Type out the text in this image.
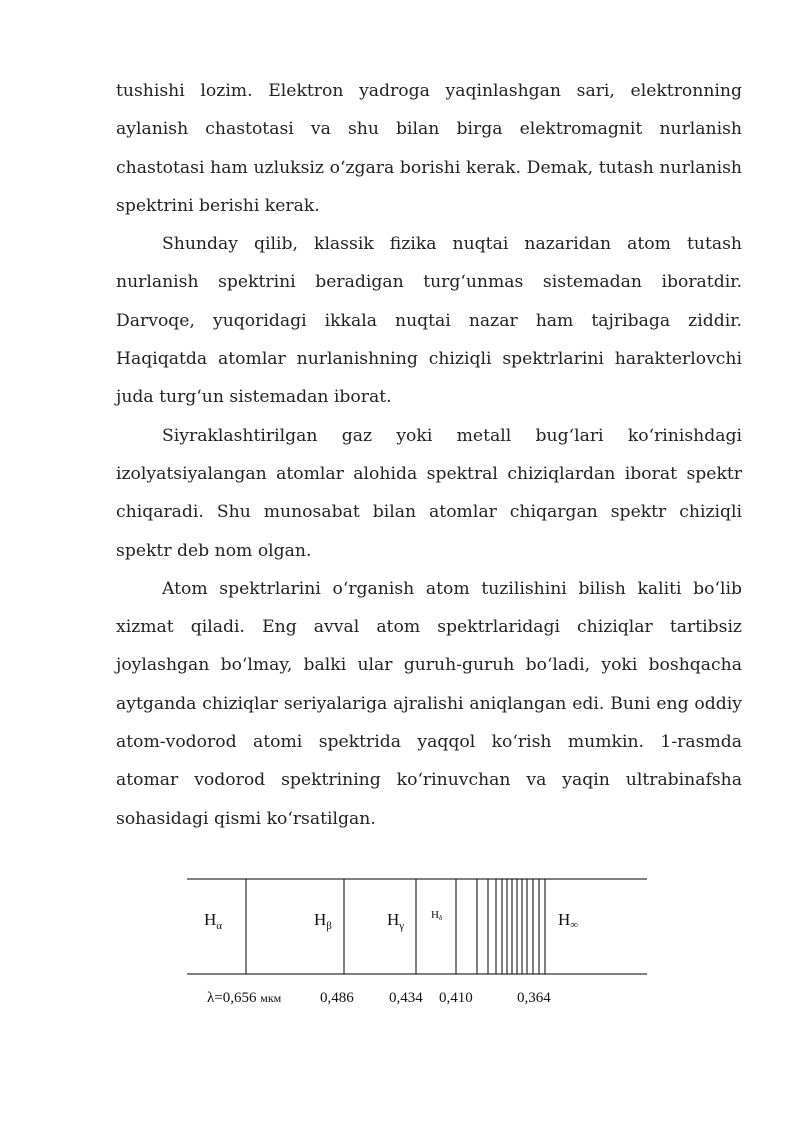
tushishi lozim. Elektron yadroga yaqinlashgan sari, elektronning aylanish chastotasi va shu bilan birga elektromagnit nurlanish chastotasi ham uzluksiz o‘zgara borishi kerak. Demak, tutash nurlanish spektrini berishi kerak.

Shunday qilib, klassik fizika nuqtai nazaridan atom tutash nurlanish spektrini beradigan turg‘unmas sistemadan iboratdir. Darvoqe, yuqoridagi ikkala nuqtai nazar ham tajribaga ziddir. Haqiqatda atomlar nurlanishning chiziqli spektrlarini harakterlovchi juda turg‘un sistemadan iborat.

Siyraklashtirilgan gaz yoki metall bug‘lari ko‘rinishdagi izolyatsiyalangan atomlar alohida spektral chiziqlardan iborat spektr chiqaradi. Shu munosabat bilan atomlar chiqargan spektr chiziqli spektr deb nom olgan.

Atom spektrlarini o‘rganish atom tuzilishini bilish kaliti bo‘lib xizmat qiladi. Eng avval atom spektrlaridagi chiziqlar tartibsiz joylashgan bo‘lmay, balki ular guruh-guruh bo‘ladi, yoki boshqacha aytganda chiziqlar seriyalariga ajralishi aniqlangan edi. Buni eng oddiy atom-vodorod atomi spektrida yaqqol ko‘rish mumkin. 1-rasmda atomar vodorod spektrining ko‘rinuvchan va yaqin ultrabinafsha sohasidagi qismi ko‘rsatilgan.

$H_\alpha$	$H_\beta$	$H_\gamma$
Hδ	H∞
λ=0,656 мкм	0,486 0,434 0,410	0,364
